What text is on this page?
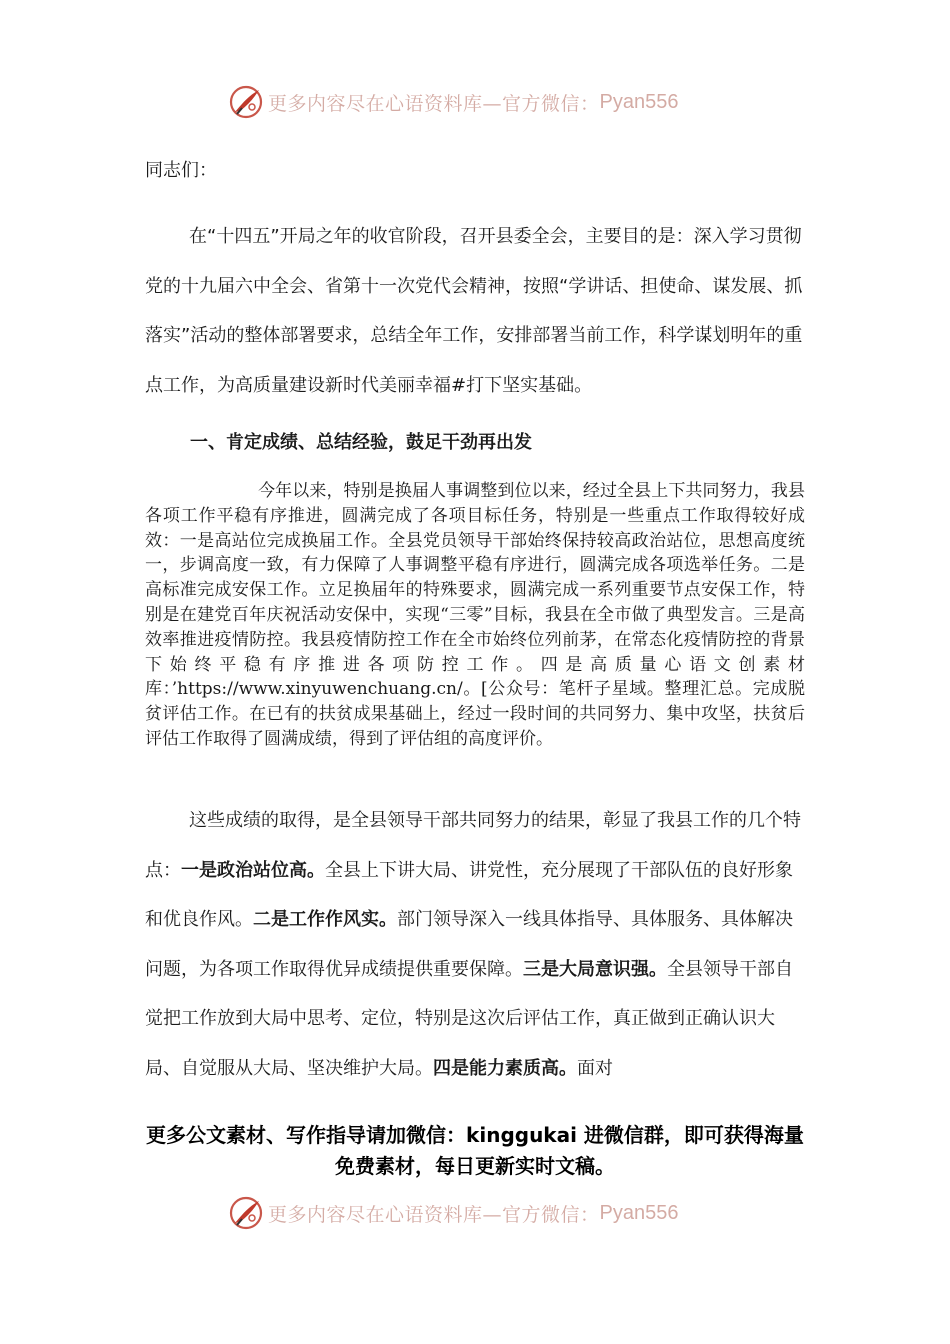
更多内容尽在心语资料库—官方微信： Pyan556
同志们：
在“十四五”开局之年的收官阶段，召开县委全会，主要目的是：深入学习贯彻党的十九届六中全会、省第十一次党代会精神，按照“学讲话、担使命、谋发展、抓落实”活动的整体部署要求，总结全年工作，安排部署当前工作，科学谋划明年的重点工作，为高质量建设新时代美丽幸福#打下坚实基础。
一、肯定成绩、总结经验，鼓足干劲再出发
今年以来，特别是换届人事调整到位以来，经过全县上下共同努力，我县各项工作平稳有序推进，圆满完成了各项目标任务，特别是一些重点工作取得较好成效：一是高站位完成换届工作。全县党员领导干部始终保持较高政治站位，思想高度统一，步调高度一致，有力保障了人事调整平稳有序进行，圆满完成各项选举任务。二是高标准完成安保工作。立足换届年的特殊要求，圆满完成一系列重要节点安保工作，特别是在建党百年庆祝活动安保中，实现“三零”目标，我县在全市做了典型发言。三是高效率推进疫情防控。我县疫情防控工作在全市始终位列前茅，在常态化疫情防控的背景下始终平稳有序推进各项防控工作。四是高质量心语文创素材库：’https://www.xinyuwenchuang.cn/。[公众号：笔杆子星域。整理汇总。完成脱贫评估工作。在已有的扶贫成果基础上，经过一段时间的共同努力、集中攻坚，扶贫后评估工作取得了圆满成绩，得到了评估组的高度评价。
这些成绩的取得，是全县领导干部共同努力的结果，彰显了我县工作的几个特点：一是政治站位高。全县上下讲大局、讲党性，充分展现了干部队伍的良好形象和优良作风。二是工作作风实。部门领导深入一线具体指导、具体服务、具体解决问题，为各项工作取得优异成绩提供重要保障。三是大局意识强。全县领导干部自觉把工作放到大局中思考、定位，特别是这次后评估工作，真正做到正确认识大局、自觉服从大局、坚决维护大局。四是能力素质高。面对
更多公文素材、写作指导请加微信：kinggukai 进微信群，即可获得海量免费素材，每日更新实时文稿。
更多内容尽在心语资料库—官方微信： Pyan556
